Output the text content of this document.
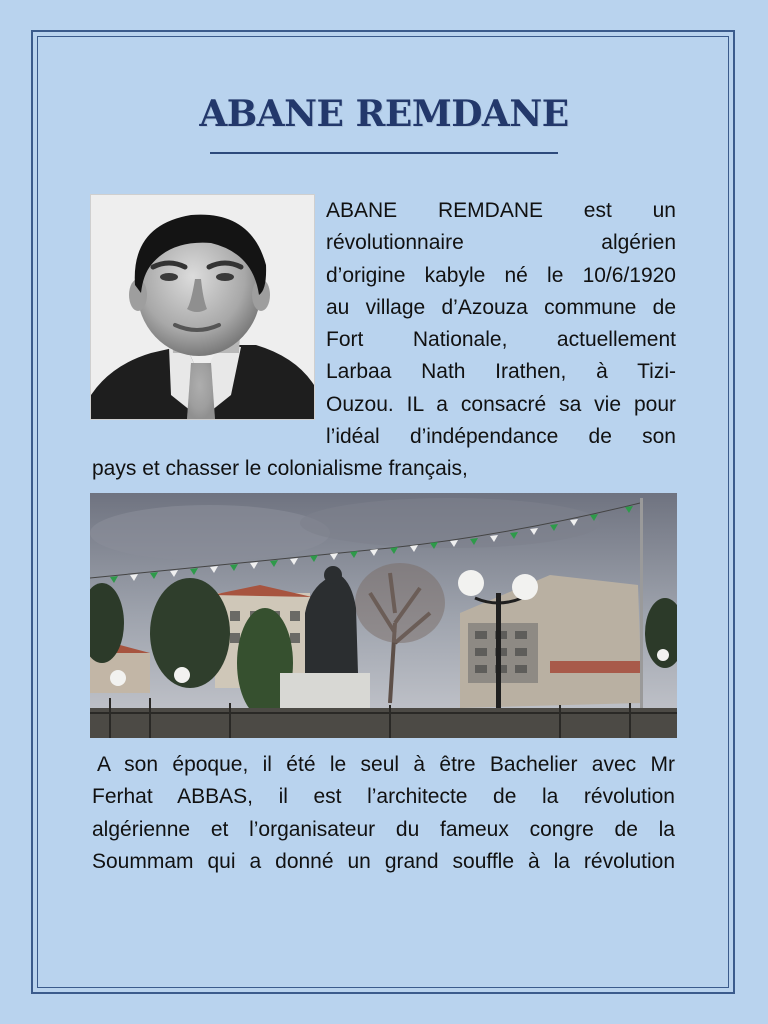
ABANE REMDANE

ABANE REMDANE est un

révolutionnaire algérien

d’origine kabyle né le 10/6/1920

au village d’Azouza commune de

Fort Nationale, actuellement

Larbaa Nath Irathen, à Tizi-

Ouzou. IL a consacré sa vie pour

l’idéal d’indépendance de son

pays et chasser le colonialisme français,

A son époque, il été le seul à être Bachelier avec Mr
Ferhat ABBAS, il est l’architecte de la révolution
algérienne et l’organisateur du fameux congre de la
Soummam qui a donné un grand souffle à la révolution
